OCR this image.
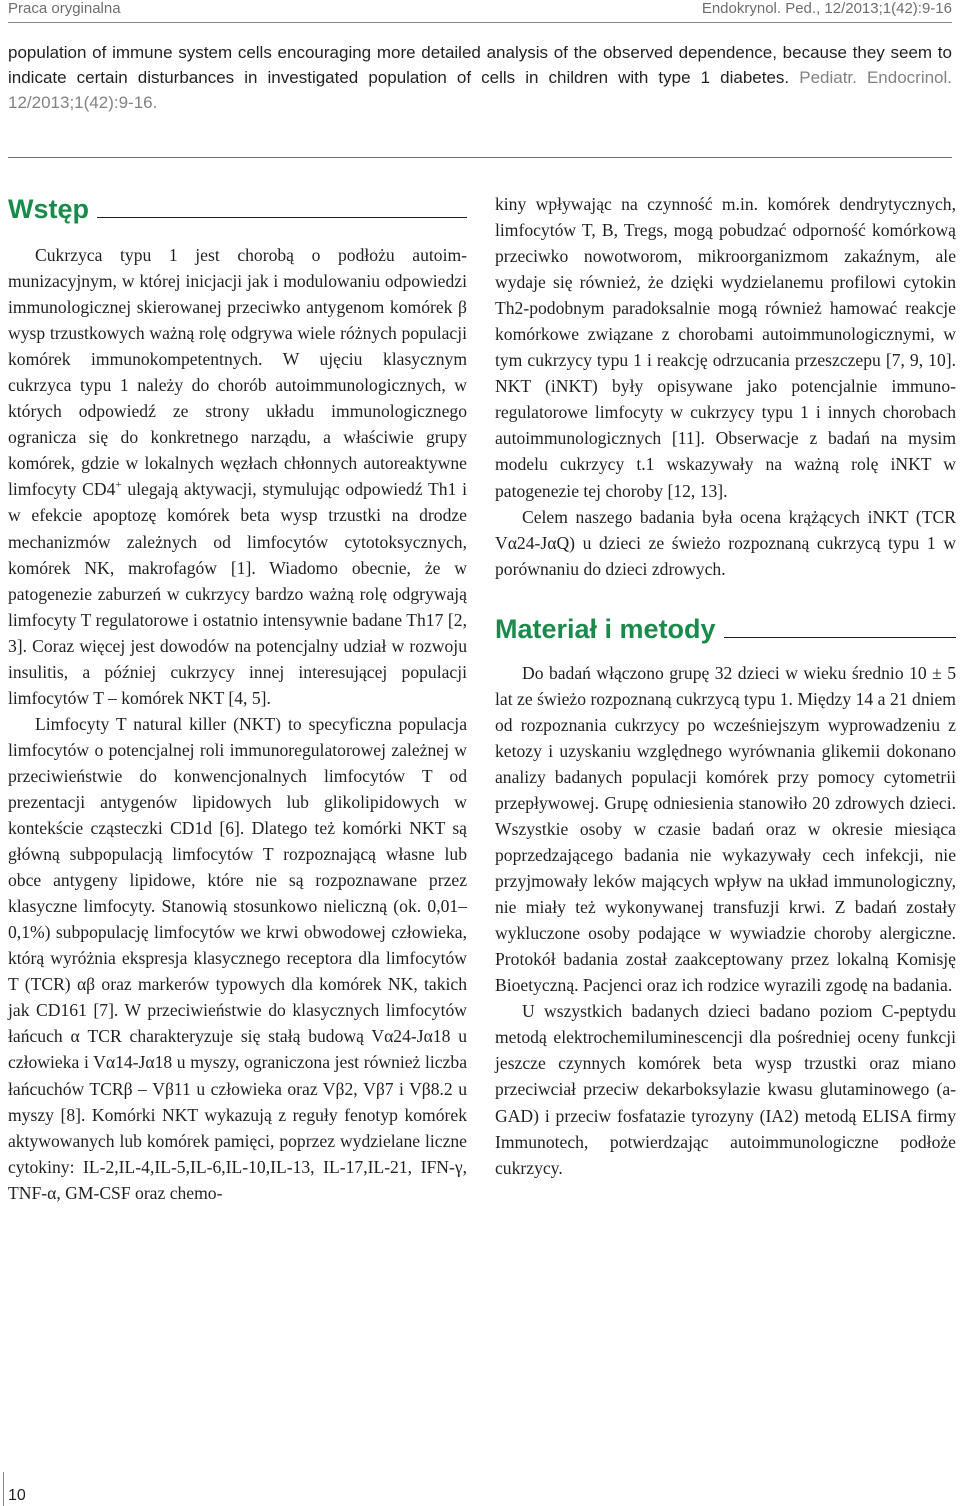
Praca oryginalna	Endokrynol. Ped., 12/2013;1(42):9-16
population of immune system cells encouraging more detailed analysis of the observed dependence, because they seem to indicate certain disturbances in investigated population of cells in children with type 1 diabetes. Pediatr. Endocrinol. 12/2013;1(42):9-16.
Wstęp

Cukrzyca typu 1 jest chorobą o podłożu autoimmunizacyjnym, w której inicjacji jak i modulowaniu odpowiedzi immunologicznej skierowanej przeciwko antygenom komórek β wysp trzustkowych ważną rolę odgrywa wiele różnych populacji komórek immunokompetentnych. W ujęciu klasycznym cukrzyca typu 1 należy do chorób autoimmunologicznych, w których odpowiedź ze strony układu immunologicznego ogranicza się do konkretnego narządu, a właściwie grupy komórek, gdzie w lokalnych węzłach chłonnych autoreaktywne limfocyty CD4+ ulegają aktywacji, stymulując odpowiedź Th1 i w efekcie apoptozę komórek beta wysp trzustki na drodze mechanizmów zależnych od limfocytów cytotoksycznych, komórek NK, makrofagów [1]. Wiadomo obecnie, że w patogenezie zaburzeń w cukrzycy bardzo ważną rolę odgrywają limfocyty T regulatorowe i ostatnio intensywnie badane Th17 [2, 3]. Coraz więcej jest dowodów na potencjalny udział w rozwoju insulitis, a później cukrzycy innej interesującej populacji limfocytów T – komórek NKT [4, 5].

Limfocyty T natural killer (NKT) to specyficzna populacja limfocytów o potencjalnej roli immunoregulatorowej zależnej w przeciwieństwie do konwencjonalnych limfocytów T od prezentacji antygenów lipidowych lub glikolipidowych w kontekście cząsteczki CD1d [6]. Dlatego też komórki NKT są główną subpopulacją limfocytów T rozpoznającą własne lub obce antygeny lipidowe, które nie są rozpoznawane przez klasyczne limfocyty. Stanowią stosunkowo nieliczną (ok. 0,01–0,1%) subpopulację limfocytów we krwi obwodowej człowieka, którą wyróżnia ekspresja klasycznego receptora dla limfocytów T (TCR) αβ oraz markerów typowych dla komórek NK, takich jak CD161 [7]. W przeciwieństwie do klasycznych limfocytów łańcuch α TCR charakteryzuje się stałą budową Vα24-Jα18 u człowieka i Vα14-Jα18 u myszy, ograniczona jest również liczba łańcuchów TCRβ – Vβ11 u człowieka oraz Vβ2, Vβ7 i Vβ8.2 u myszy [8]. Komórki NKT wykazują z reguły fenotyp komórek aktywowanych lub komórek pamięci, poprzez wydzielane liczne cytokiny: IL-2,IL-4,IL-5,IL-6,IL-10,IL-13, IL-17,IL-21, IFN-γ, TNF-α, GM-CSF oraz chemo-

kiny wpływając na czynność m.in. komórek dendrytycznych, limfocytów T, B, Tregs, mogą pobudzać odporność komórkową przeciwko nowotworom, mikroorganizmom zakaźnym, ale wydaje się również, że dzięki wydzielanemu profilowi cytokin Th2-podobnym paradoksalnie mogą również hamować reakcje komórkowe związane z chorobami autoimmunologicznymi, w tym cukrzycy typu 1 i reakcję odrzucania przeszczepu [7, 9, 10]. NKT (iNKT) były opisywane jako potencjalnie immunoregulatorowe limfocyty w cukrzycy typu 1 i innych chorobach autoimmunologicznych [11]. Obserwacje z badań na mysim modelu cukrzycy t.1 wskazywały na ważną rolę iNKT w patogenezie tej choroby [12, 13].

Celem naszego badania była ocena krążących iNKT (TCR Vα24-JαQ) u dzieci ze świeżo rozpoznaną cukrzycą typu 1 w porównaniu do dzieci zdrowych.

Materiał i metody

Do badań włączono grupę 32 dzieci w wieku średnio 10 ± 5 lat ze świeżo rozpoznaną cukrzycą typu 1. Między 14 a 21 dniem od rozpoznania cukrzycy po wcześniejszym wyprowadzeniu z ketozy i uzyskaniu względnego wyrównania glikemii dokonano analizy badanych populacji komórek przy pomocy cytometrii przepływowej. Grupę odniesienia stanowiło 20 zdrowych dzieci. Wszystkie osoby w czasie badań oraz w okresie miesiąca poprzedzającego badania nie wykazywały cech infekcji, nie przyjmowały leków mających wpływ na układ immunologiczny, nie miały też wykonywanej transfuzji krwi. Z badań zostały wykluczone osoby podające w wywiadzie choroby alergiczne. Protokół badania został zaakceptowany przez lokalną Komisję Bioetyczną. Pacjenci oraz ich rodzice wyrazili zgodę na badania.

U wszystkich badanych dzieci badano poziom C-peptydu metodą elektrochemiluminescencji dla pośredniej oceny funkcji jeszcze czynnych komórek beta wysp trzustki oraz miano przeciwciał przeciw dekarboksylazie kwasu glutaminowego (a-GAD) i przeciw fosfatazie tyrozyny (IA2) metodą ELISA firmy Immunotech, potwierdzając autoimmunologiczne podłoże cukrzycy.

10
